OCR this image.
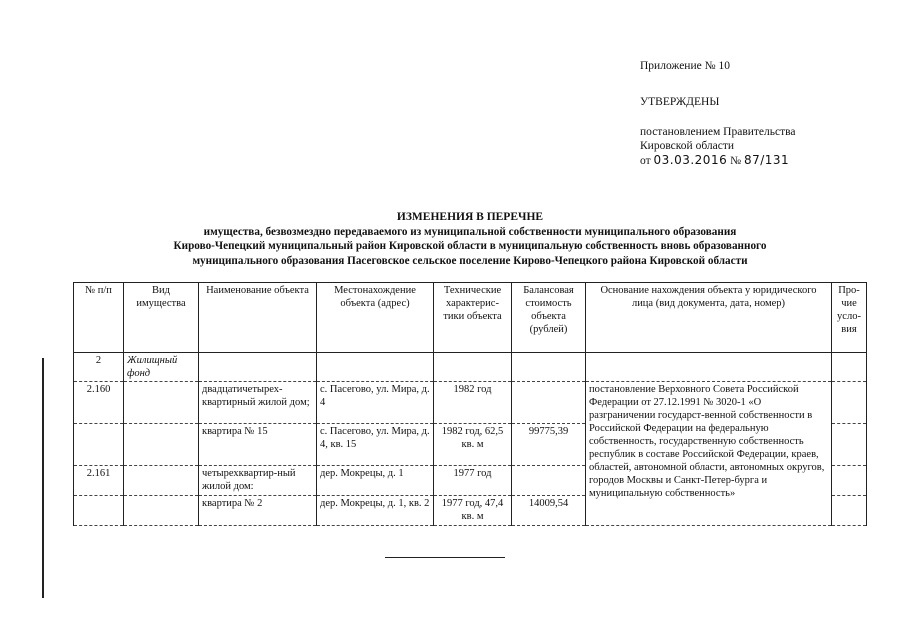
Приложение № 10
УТВЕРЖДЕНЫ
постановлением Правительства
Кировской области
от 03.03.2016 № 87/131
ИЗМЕНЕНИЯ В ПЕРЕЧНЕ
имущества, безвозмездно передаваемого из муниципальной собственности муниципального образования
Кирово-Чепецкий муниципальный район Кировской области в муниципальную собственность вновь образованного
муниципального образования Пасеговское сельское поселение Кирово-Чепецкого района Кировской области
№ п/п	Вид имущества	Наименование объекта	Местонахождение объекта (адрес)	Технические характерис-тики объекта	Балансовая стоимость объекта (рублей)	Основание нахождения объекта у юридического лица (вид документа, дата, номер)	Про-чие усло-вия
2	Жилищный фонд						
2.160		двадцатичетырех-квартирный жилой дом;	с. Пасегово, ул. Мира, д. 4	1982 год		постановление Верховного Совета Российской Федерации от 27.12.1991 № 3020-1 «О разграничении государст-венной собственности в Российской Федерации на федеральную собственность, государственную собственность республик в составе Российской Федерации, краев, областей, автономной области, автономных округов, городов Москвы и Санкт-Петер-бурга и муниципальную собственность»	
		квартира № 15	с. Пасегово, ул. Мира, д. 4, кв. 15	1982 год, 62,5 кв. м	99775,39		
2.161		четырехквартир-ный жилой дом:	дер. Мокрецы, д. 1	1977 год			
		квартира № 2	дер. Мокрецы, д. 1, кв. 2	1977 год, 47,4 кв. м	14009,54		
